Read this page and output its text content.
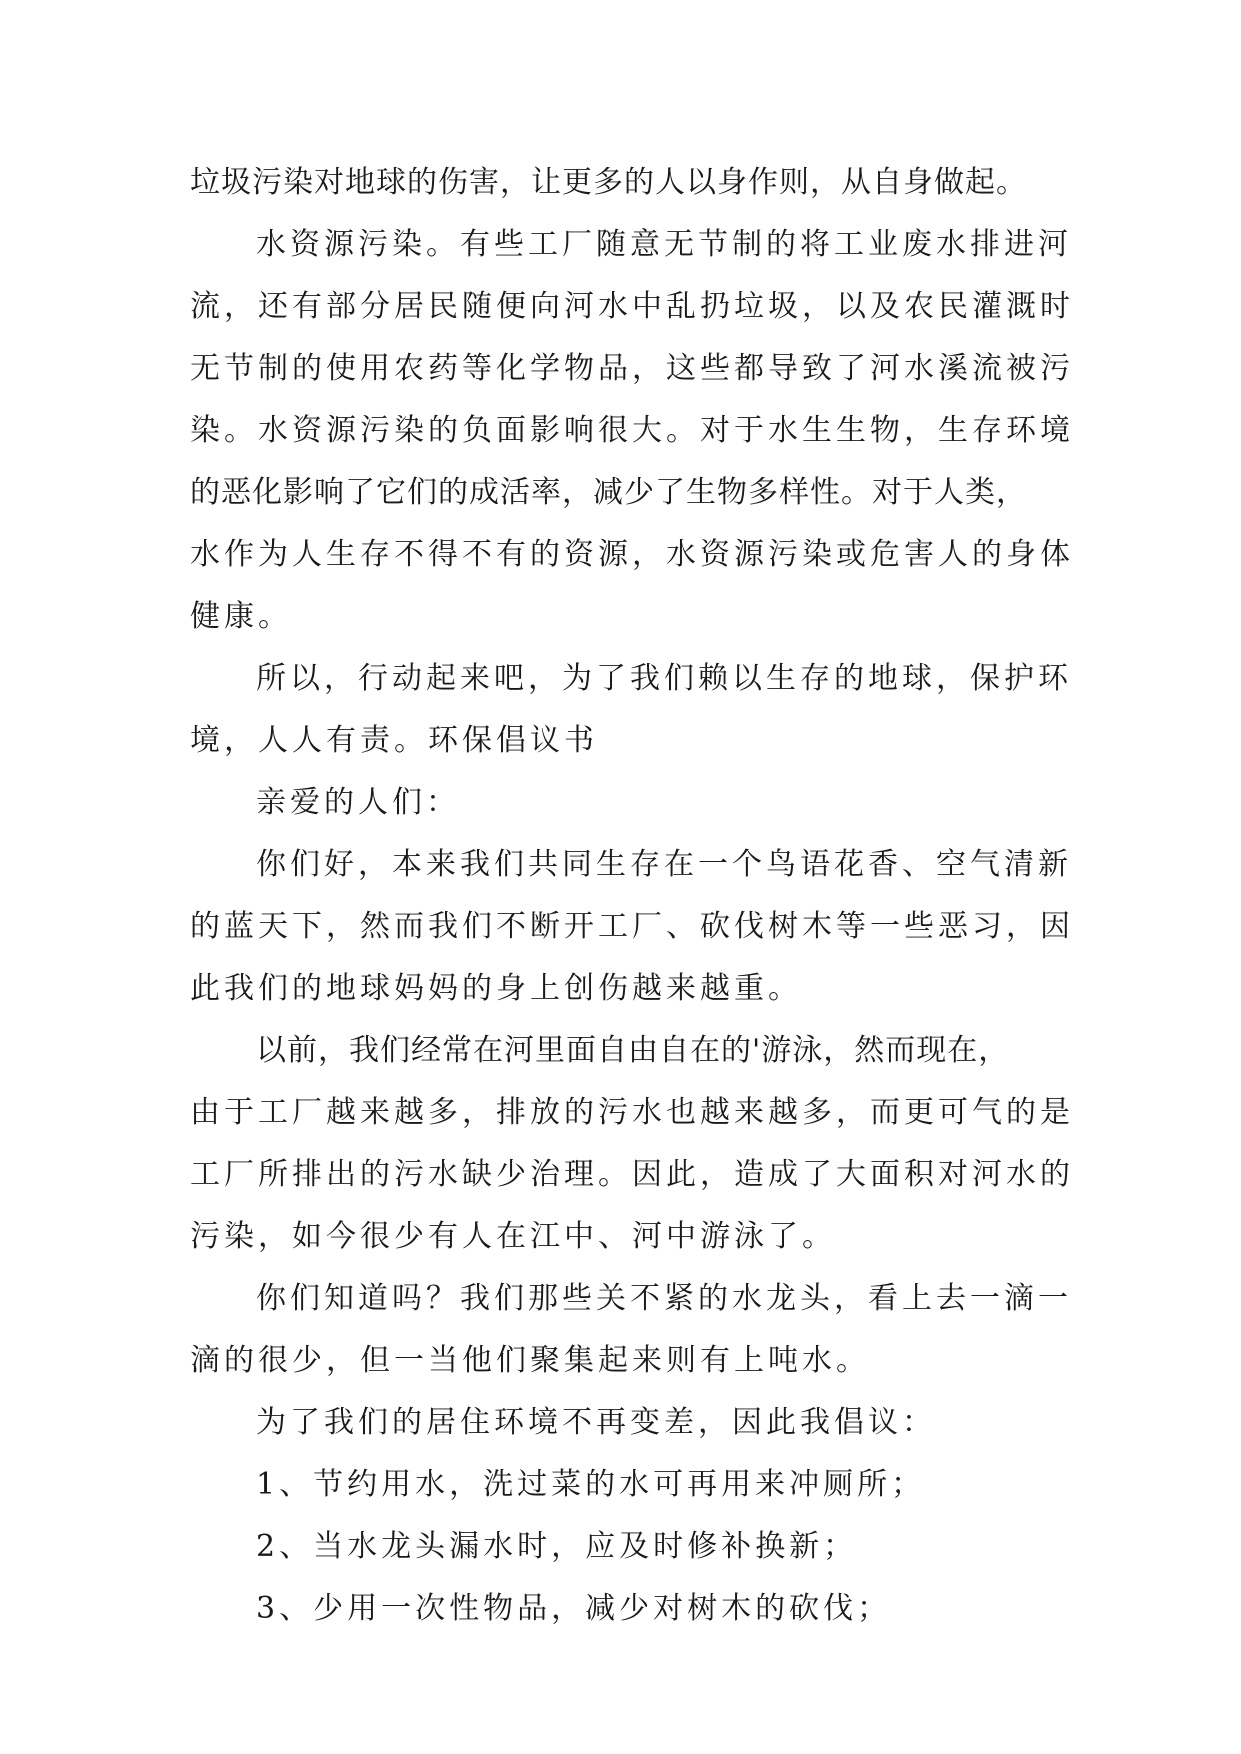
垃圾污染对地球的伤害，让更多的人以身作则，从自身做起。
水资源污染。有些工厂随意无节制的将工业废水排进河
流，还有部分居民随便向河水中乱扔垃圾，以及农民灌溉时
无节制的使用农药等化学物品，这些都导致了河水溪流被污
染。水资源污染的负面影响很大。对于水生生物，生存环境
的恶化影响了它们的成活率，减少了生物多样性。对于人类，
水作为人生存不得不有的资源，水资源污染或危害人的身体
健康。
所以，行动起来吧，为了我们赖以生存的地球，保护环
境，人人有责。环保倡议书
亲爱的人们：
你们好，本来我们共同生存在一个鸟语花香、空气清新
的蓝天下，然而我们不断开工厂、砍伐树木等一些恶习，因
此我们的地球妈妈的身上创伤越来越重。
以前，我们经常在河里面自由自在的'游泳，然而现在，
由于工厂越来越多，排放的污水也越来越多，而更可气的是
工厂所排出的污水缺少治理。因此，造成了大面积对河水的
污染，如今很少有人在江中、河中游泳了。
你们知道吗？我们那些关不紧的水龙头，看上去一滴一
滴的很少，但一当他们聚集起来则有上吨水。
为了我们的居住环境不再变差，因此我倡议：
1、节约用水，洗过菜的水可再用来冲厕所；
2、当水龙头漏水时，应及时修补换新；
3、少用一次性物品，减少对树木的砍伐；
